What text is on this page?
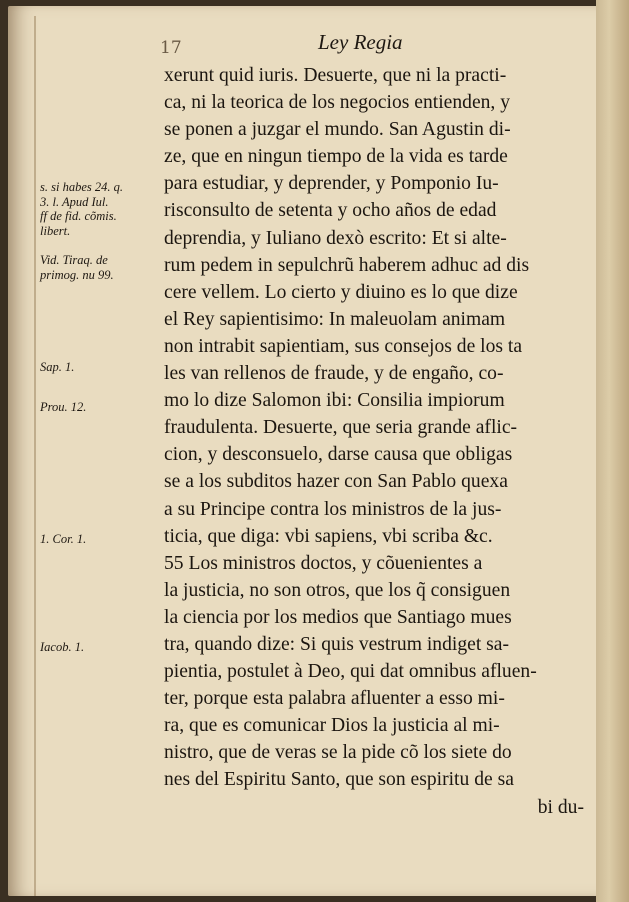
17	Ley Regia
xerunt quid iuris. Desuerte, que ni la practi-
ca, ni la teorica de los negocios entienden, y
se ponen a juzgar el mundo. San Agustin di-
ze, que en ningun tiempo de la vida es tarde
para estudiar, y deprender, y Pomponio Iu-
risconsulto de setenta y ocho años de edad
deprendia, y Iuliano dexò escrito: Et si alte-
rum pedem in sepulchrũ haberem adhuc ad dis
cere vellem. Lo cierto y diuino es lo que dize
el Rey sapientisimo: In maleuolam animam
non intrabit sapientiam, sus consejos de los ta
les van rellenos de fraude, y de engaño, co-
mo lo dize Salomon ibi: Consilia impiorum
fraudulenta. Desuerte, que seria grande aflic-
cion, y desconsuelo, darse causa que obligas
se a los subditos hazer con San Pablo quexa
a su Principe contra los ministros de la jus-
ticia, que diga: vbi sapiens, vbi scriba &c.
55 Los ministros doctos, y cõuenientes a
la justicia, no son otros, que los q̃ consiguen
la ciencia por los medios que Santiago mues
tra, quando dize: Si quis vestrum indiget sa-
pientia, postulet à Deo, qui dat omnibus afluen-
ter, porque esta palabra afluenter a esso mi-
ra, que es comunicar Dios la justicia al mi-
nistro, que de veras se la pide cõ los siete do
nes del Espiritu Santo, que son espiritu de sa
bi du-
s. si habes 24. q.
3. l. Apud Iul.
ff de fid. cõmis.
libert.
Vid. Tiraq. de
primog. nu 99.
Sap. 1.
Prou. 12.
1. Cor. 1.
Iacob. 1.
